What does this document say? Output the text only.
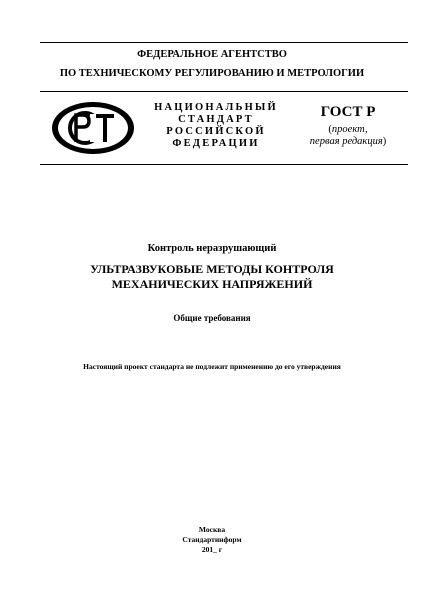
ФЕДЕРАЛЬНОЕ АГЕНТСТВО
ПО ТЕХНИЧЕСКОМУ РЕГУЛИРОВАНИЮ И МЕТРОЛОГИИ
НАЦИОНАЛЬНЫЙ
СТАНДАРТ
РОССИЙСКОЙ
ФЕДЕРАЦИИ
ГОСТ Р
(проект,
первая редакция)
Контроль неразрушающий
УЛЬТРАЗВУКОВЫЕ МЕТОДЫ КОНТРОЛЯ
МЕХАНИЧЕСКИХ НАПРЯЖЕНИЙ
Общие требования
Настоящий проект стандарта не подлежит применению до его утверждения
Москва
Стандартинформ
201_ г
